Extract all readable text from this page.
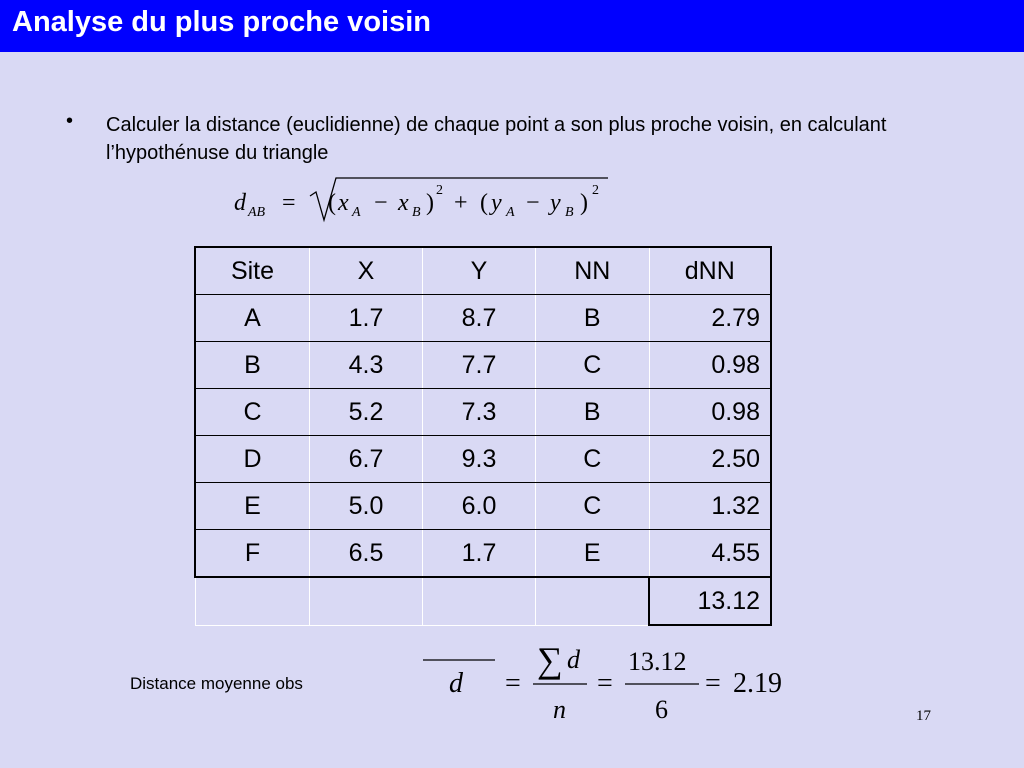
Analyse du plus proche voisin
• Calculer la distance (euclidienne) de chaque point a son plus proche voisin, en calculant l’hypothénuse du triangle
d AB = ( x A − x B ) 2 + ( y A − y B ) 2
Site	X	Y	NN	dNN
A	1.7	8.7	B	2.79
B	4.3	7.7	C	0.98
C	5.2	7.3	B	0.98
D	6.7	9.3	C	2.50
E	5.0	6.0	C	1.32
F	6.5	1.7	E	4.55
				13.12
Distance moyenne obs	d =
∑ d
n
=
13.12
6
= 2.19
17
